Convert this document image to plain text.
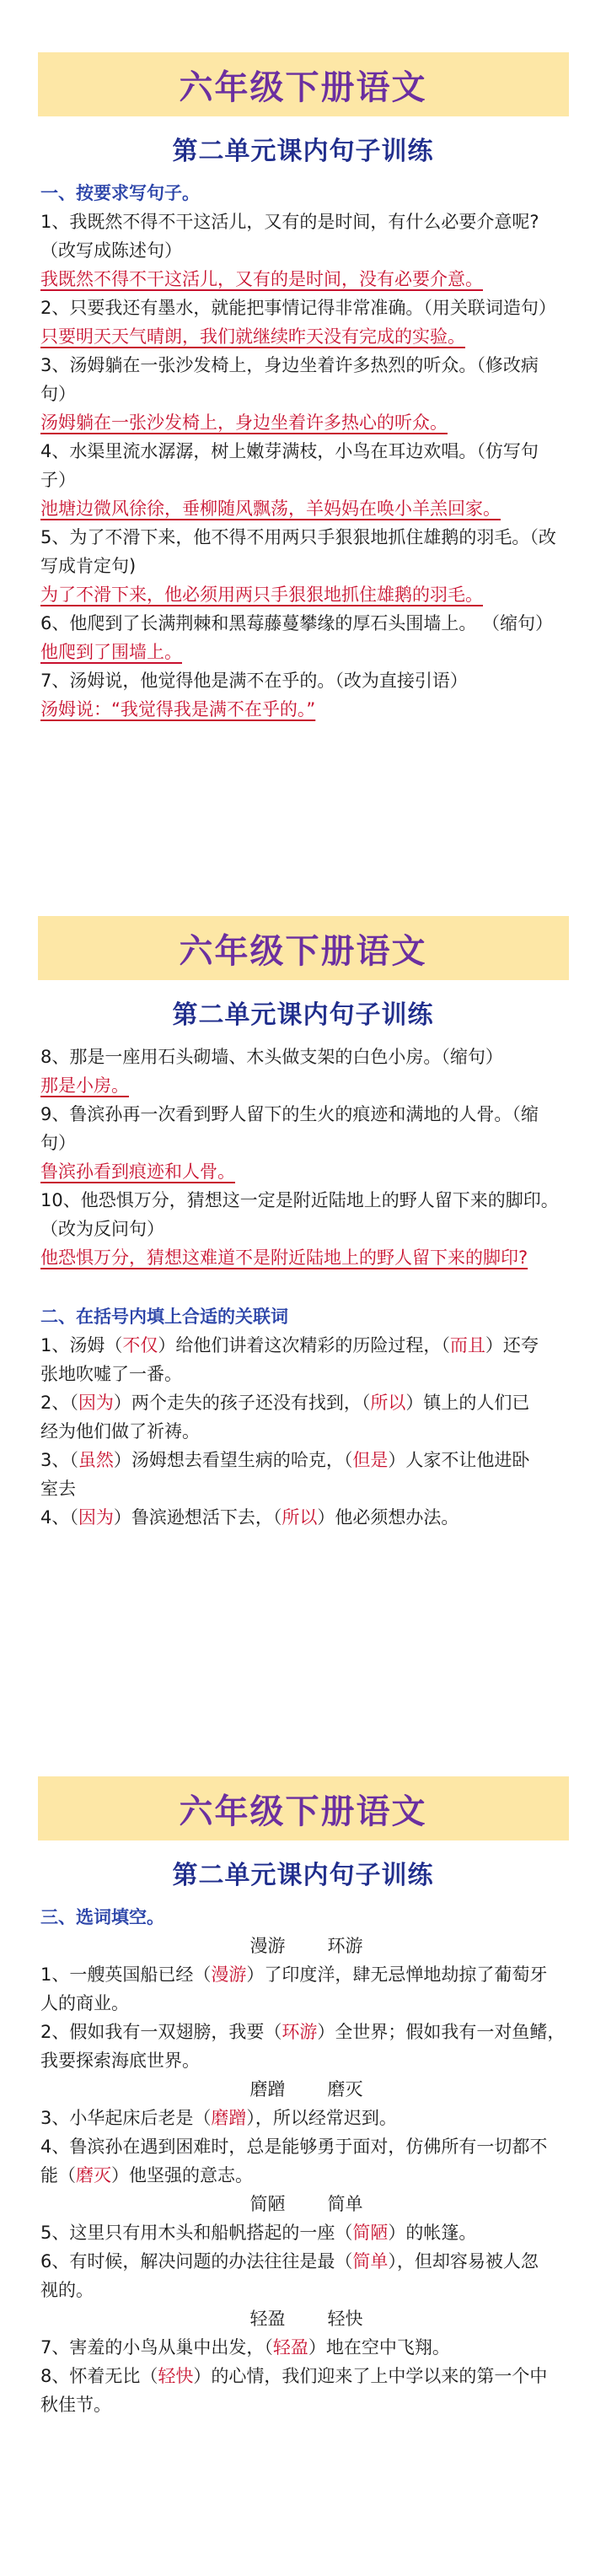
六年级下册语文
第二单元课内句子训练
一、按要求写句子。
1、我既然不得不干这活儿，又有的是时间，有什么必要介意呢?
（改写成陈述句）
我既然不得不干这活儿，又有的是时间，没有必要介意。
2、只要我还有墨水，就能把事情记得非常准确。（用关联词造句）
只要明天天气晴朗，我们就继续昨天没有完成的实验。
3、汤姆躺在一张沙发椅上，身边坐着许多热烈的听众。（修改病
句）
汤姆躺在一张沙发椅上，身边坐着许多热心的听众。
4、水渠里流水潺潺，树上嫩芽满枝，小鸟在耳边欢唱。（仿写句
子）
池塘边微风徐徐，垂柳随风飘荡，羊妈妈在唤小羊羔回家。
5、为了不滑下来，他不得不用两只手狠狠地抓住雄鹅的羽毛。（改
写成肯定句)
为了不滑下来，他必须用两只手狠狠地抓住雄鹅的羽毛。
6、他爬到了长满荆棘和黑莓藤蔓攀缘的厚石头围墙上。 （缩句）
他爬到了围墙上。
7、汤姆说，他觉得他是满不在乎的。（改为直接引语）
汤姆说：“我觉得我是满不在乎的。”
六年级下册语文
第二单元课内句子训练
8、那是一座用石头砌墙、木头做支架的白色小房。（缩句）
那是小房。
9、鲁滨孙再一次看到野人留下的生火的痕迹和满地的人骨。（缩
句）
鲁滨孙看到痕迹和人骨。
10、他恐惧万分，猜想这一定是附近陆地上的野人留下来的脚印。
（改为反问句）
他恐惧万分，猜想这难道不是附近陆地上的野人留下来的脚印?
二、在括号内填上合适的关联词
1、汤姆（不仅）给他们讲着这次精彩的历险过程，（而且）还夸
张地吹嘘了一番。
2、（因为）两个走失的孩子还没有找到，（所以）镇上的人们已
经为他们做了祈祷。
3、（虽然）汤姆想去看望生病的哈克，（但是）人家不让他进卧
室去
4、（因为）鲁滨逊想活下去，（所以）他必须想办法。
六年级下册语文
第二单元课内句子训练
三、选词填空。
漫游 环游
1、一艘英国船已经（漫游）了印度洋，肆无忌惮地劫掠了葡萄牙
人的商业。
2、假如我有一双翅膀，我要（环游）全世界；假如我有一对鱼鳍，
我要探索海底世界。
磨蹭 磨灭
3、小华起床后老是（磨蹭），所以经常迟到。
4、鲁滨孙在遇到困难时，总是能够勇于面对，仿佛所有一切都不
能（磨灭）他坚强的意志。
简陋 简单
5、这里只有用木头和船帆搭起的一座（简陋）的帐篷。
6、有时候，解决问题的办法往往是最（简单），但却容易被人忽
视的。
轻盈 轻快
7、害羞的小鸟从巢中出发，（轻盈）地在空中飞翔。
8、怀着无比（轻快）的心情，我们迎来了上中学以来的第一个中
秋佳节。
